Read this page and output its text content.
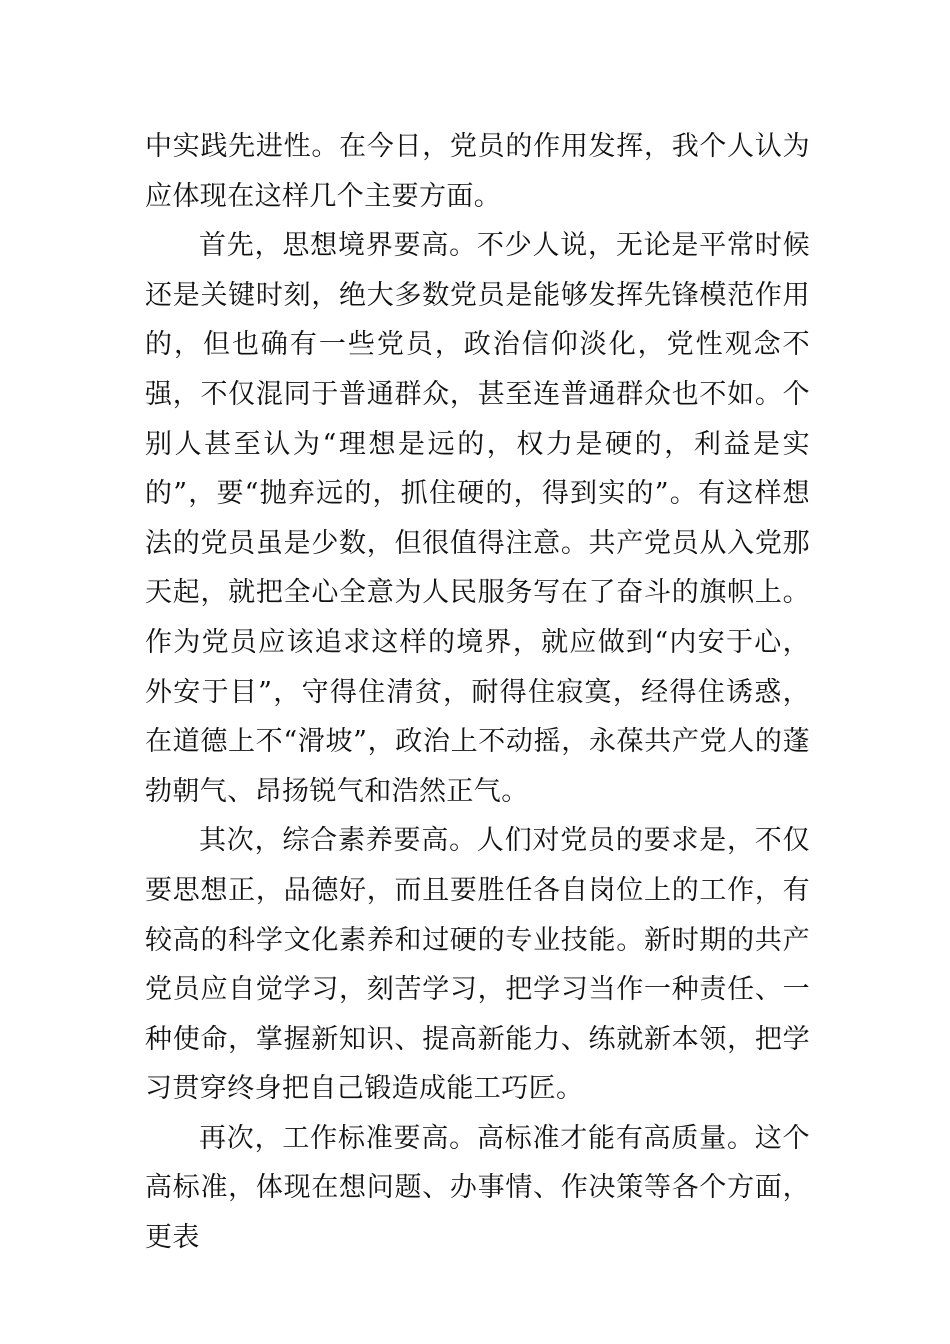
中实践先进性。在今日，党员的作用发挥，我个人认为应体现在这样几个主要方面。

首先，思想境界要高。不少人说，无论是平常时候还是关键时刻，绝大多数党员是能够发挥先锋模范作用的，但也确有一些党员，政治信仰淡化，党性观念不强，不仅混同于普通群众，甚至连普通群众也不如。个别人甚至认为“理想是远的，权力是硬的，利益是实的”，要“抛弃远的，抓住硬的，得到实的”。有这样想法的党员虽是少数，但很值得注意。共产党员从入党那天起，就把全心全意为人民服务写在了奋斗的旗帜上。作为党员应该追求这样的境界，就应做到“内安于心，外安于目”，守得住清贫，耐得住寂寞，经得住诱惑，在道德上不“滑坡”，政治上不动摇，永葆共产党人的蓬勃朝气、昂扬锐气和浩然正气。

其次，综合素养要高。人们对党员的要求是，不仅要思想正，品德好，而且要胜任各自岗位上的工作，有较高的科学文化素养和过硬的专业技能。新时期的共产党员应自觉学习，刻苦学习，把学习当作一种责任、一种使命，掌握新知识、提高新能力、练就新本领，把学习贯穿终身把自己锻造成能工巧匠。

再次，工作标准要高。高标准才能有高质量。这个高标准，体现在想问题、办事情、作决策等各个方面，更表
